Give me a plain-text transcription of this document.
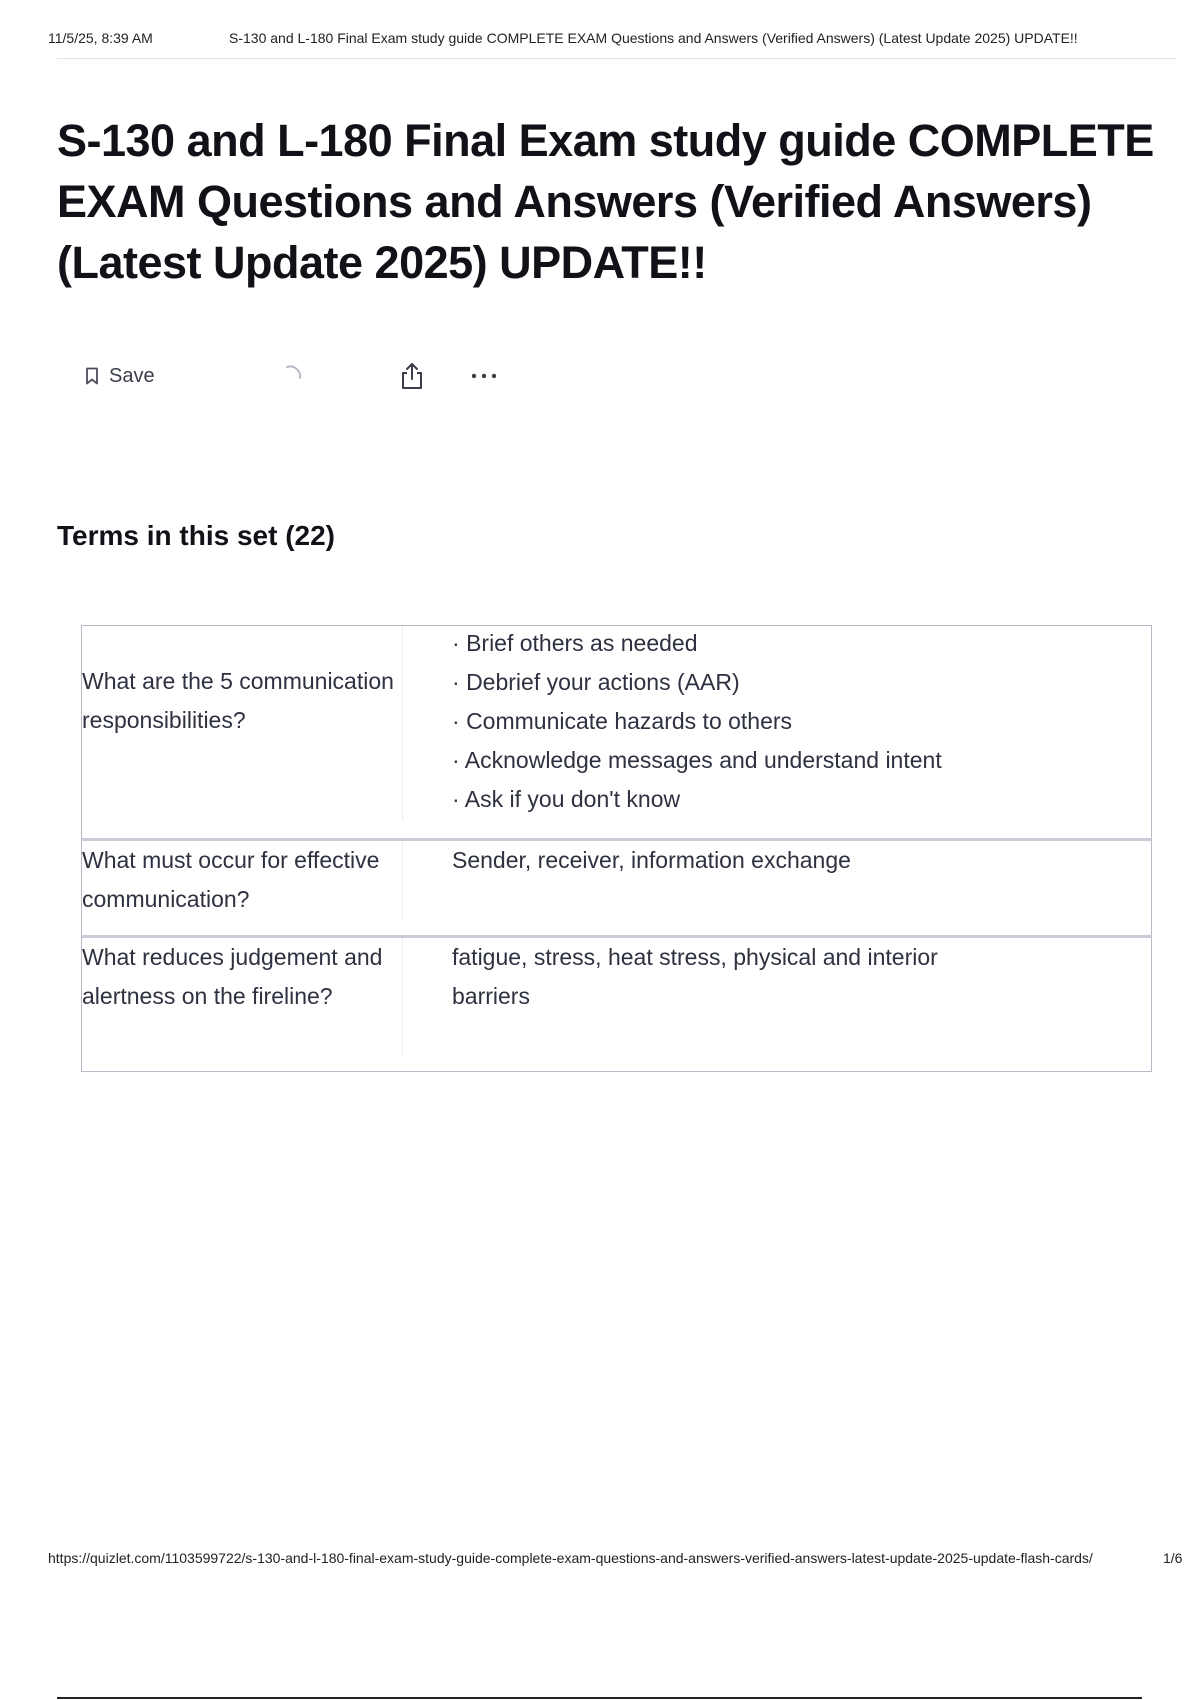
11/5/25, 8:39 AM	S-130 and L-180 Final Exam study guide COMPLETE EXAM Questions and Answers (Verified Answers) (Latest Update 2025) UPDATE!!
S-130 and L-180 Final Exam study guide COMPLETE EXAM Questions and Answers (Verified Answers) (Latest Update 2025) UPDATE!!
Save
Terms in this set (22)
What are the 5 communication responsibilities?
· Brief others as needed
· Debrief your actions (AAR)
· Communicate hazards to others
· Acknowledge messages and understand intent
· Ask if you don't know
What must occur for effective communication?
Sender, receiver, information exchange
What reduces judgement and alertness on the fireline?
fatigue, stress, heat stress, physical and interior barriers
https://quizlet.com/1103599722/s-130-and-l-180-final-exam-study-guide-complete-exam-questions-and-answers-verified-answers-latest-update-2025-update-flash-cards/	1/6
